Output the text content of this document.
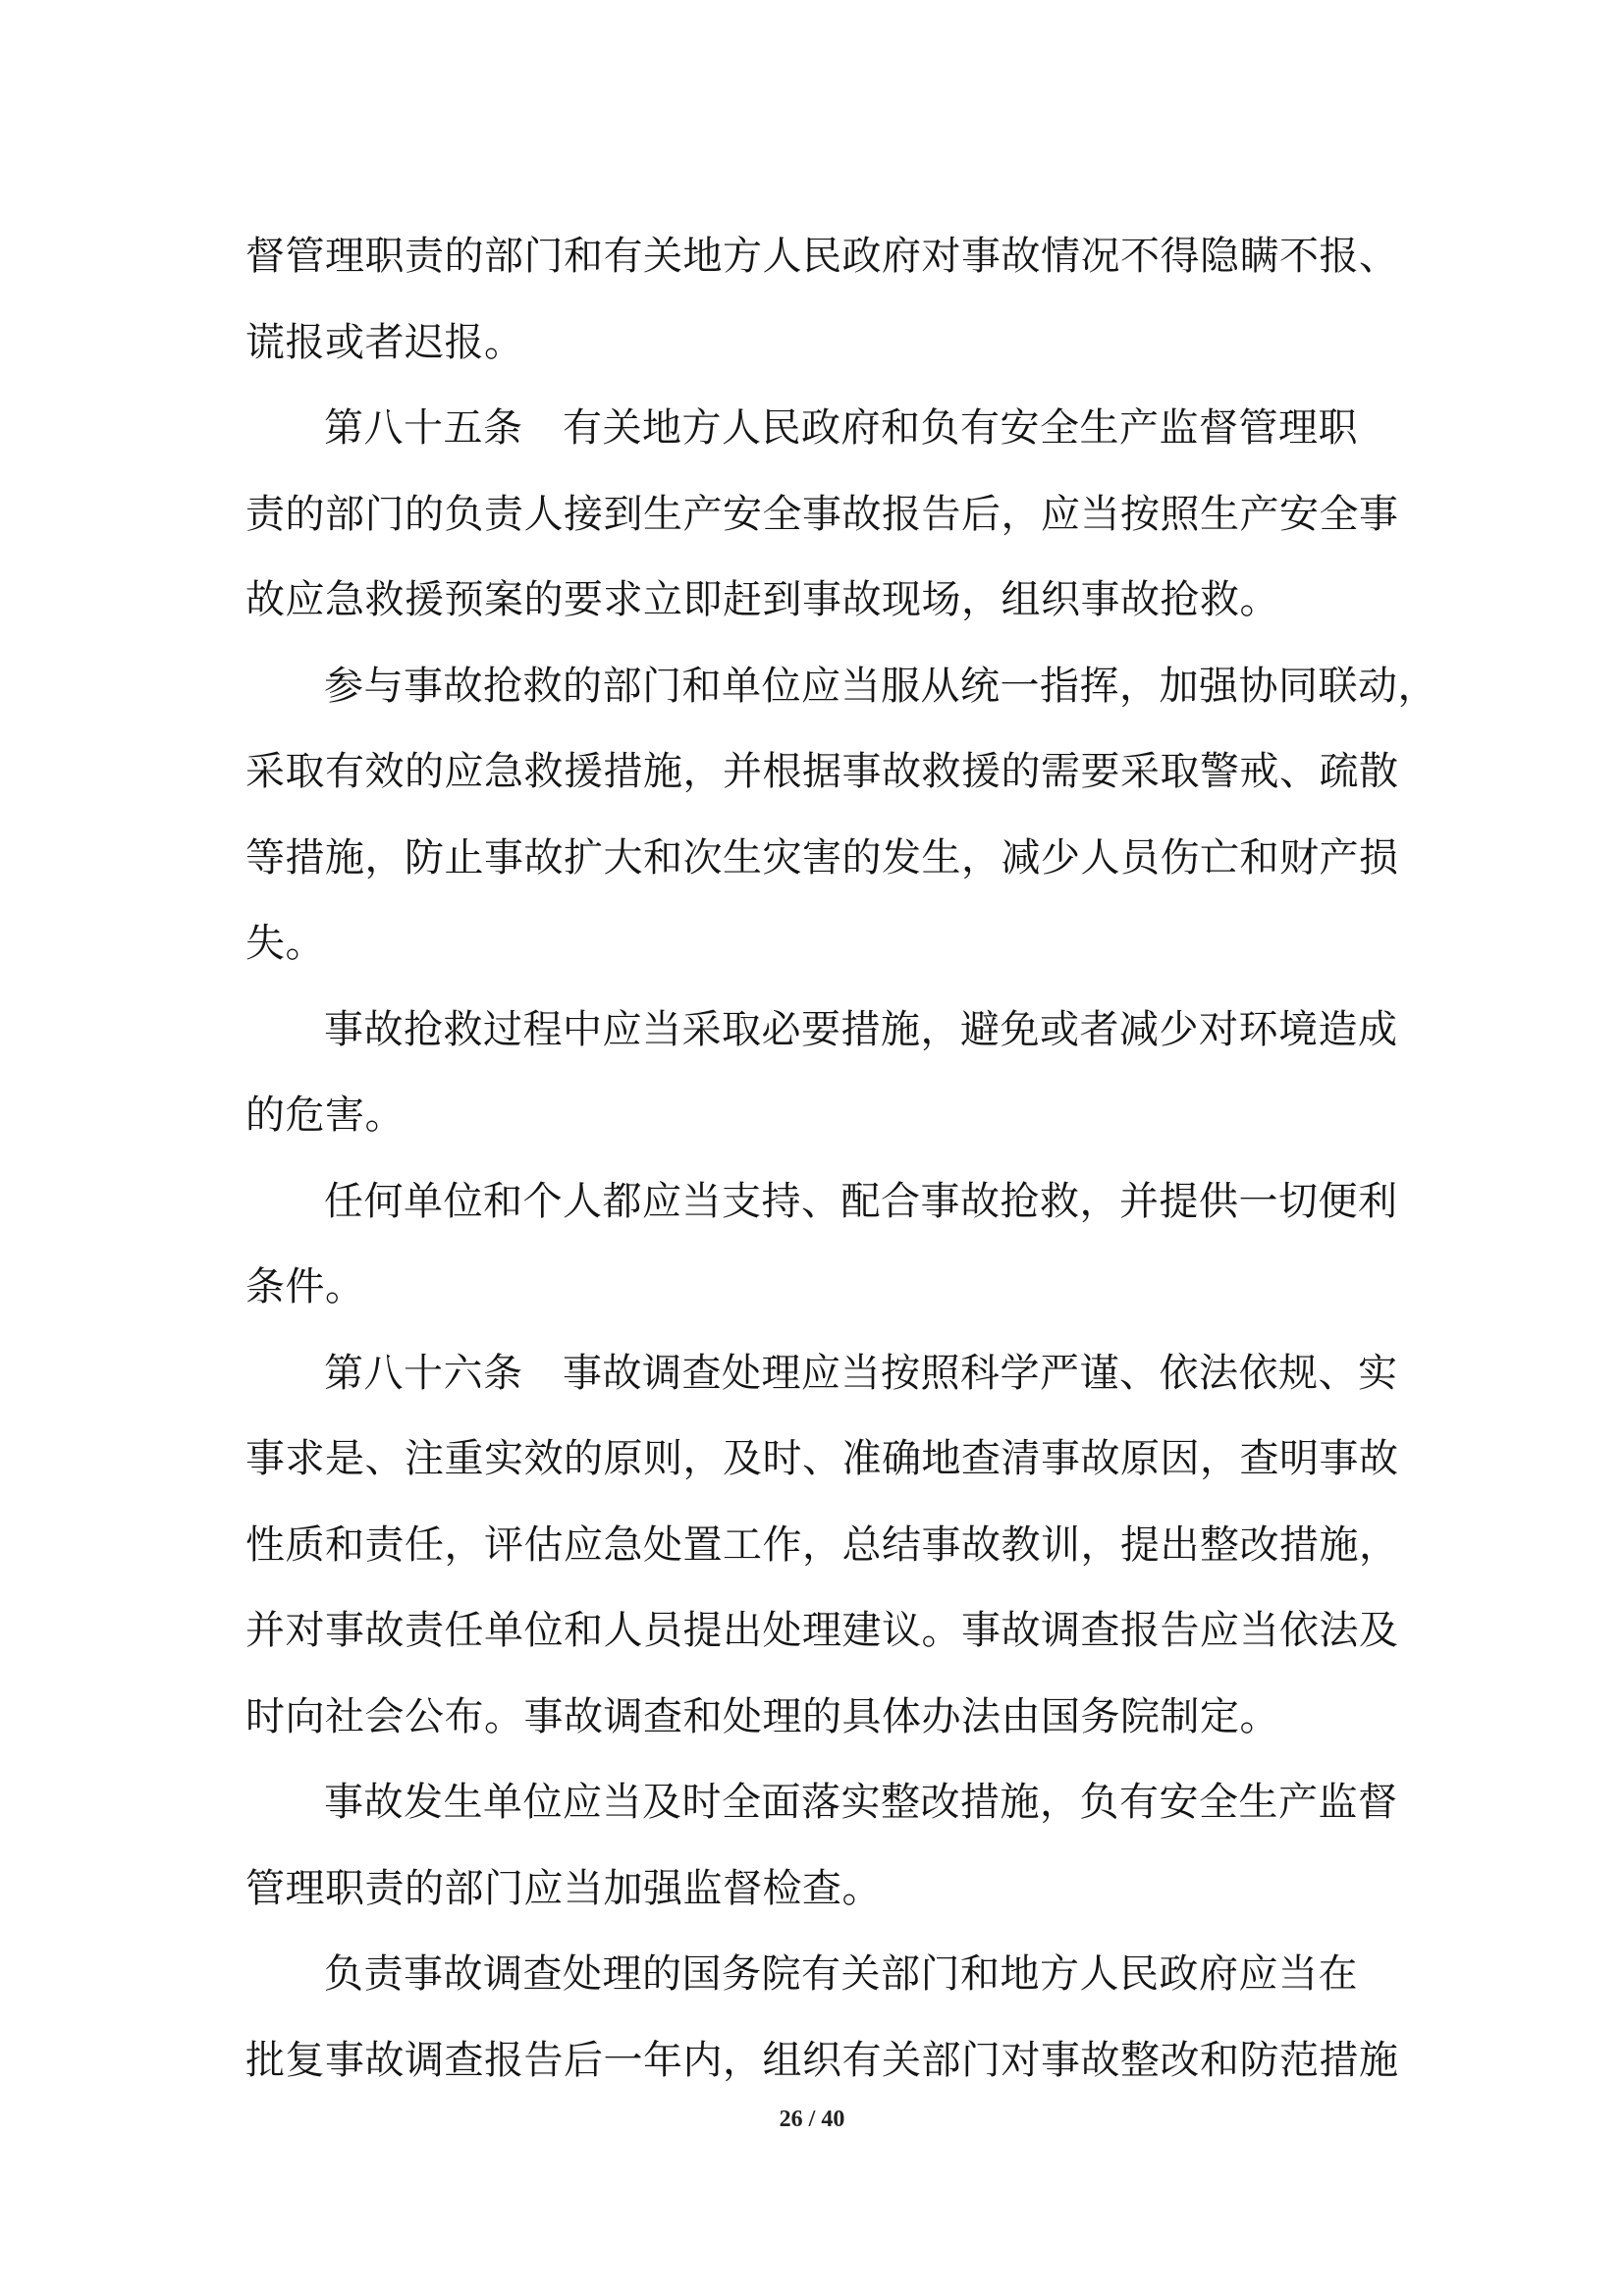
督管理职责的部门和有关地方人民政府对事故情况不得隐瞒不报、
谎报或者迟报。
第八十五条　有关地方人民政府和负有安全生产监督管理职
责的部门的负责人接到生产安全事故报告后，应当按照生产安全事
故应急救援预案的要求立即赶到事故现场，组织事故抢救。
参与事故抢救的部门和单位应当服从统一指挥，加强协同联动，
采取有效的应急救援措施，并根据事故救援的需要采取警戒、疏散
等措施，防止事故扩大和次生灾害的发生，减少人员伤亡和财产损
失。
事故抢救过程中应当采取必要措施，避免或者减少对环境造成
的危害。
任何单位和个人都应当支持、配合事故抢救，并提供一切便利
条件。
第八十六条　事故调查处理应当按照科学严谨、依法依规、实
事求是、注重实效的原则，及时、准确地查清事故原因，查明事故
性质和责任，评估应急处置工作，总结事故教训，提出整改措施，
并对事故责任单位和人员提出处理建议。事故调查报告应当依法及
时向社会公布。事故调查和处理的具体办法由国务院制定。
事故发生单位应当及时全面落实整改措施，负有安全生产监督
管理职责的部门应当加强监督检查。
负责事故调查处理的国务院有关部门和地方人民政府应当在
批复事故调查报告后一年内，组织有关部门对事故整改和防范措施
26 / 40
